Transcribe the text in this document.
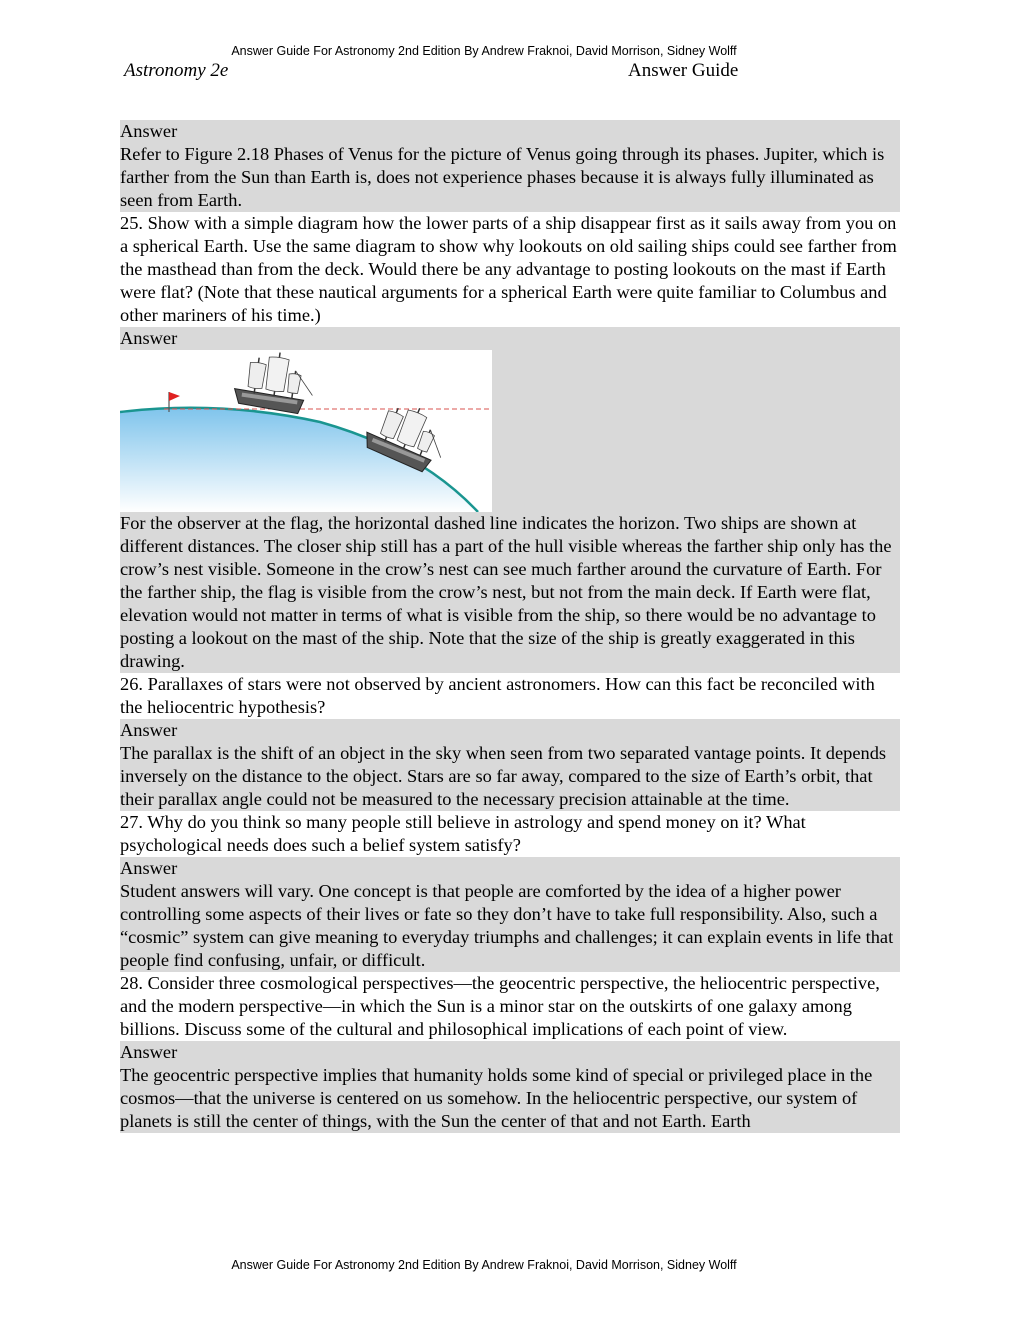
Answer Guide For Astronomy 2nd Edition By Andrew Fraknoi, David Morrison, Sidney Wolff
Astronomy 2e	Answer Guide
Answer
Refer to Figure 2.18 Phases of Venus for the picture of Venus going through its phases. Jupiter, which is farther from the Sun than Earth is, does not experience phases because it is always fully illuminated as seen from Earth.
25. Show with a simple diagram how the lower parts of a ship disappear first as it sails away from you on a spherical Earth. Use the same diagram to show why lookouts on old sailing ships could see farther from the masthead than from the deck. Would there be any advantage to posting lookouts on the mast if Earth were flat? (Note that these nautical arguments for a spherical Earth were quite familiar to Columbus and other mariners of his time.)
Answer
For the observer at the flag, the horizontal dashed line indicates the horizon. Two ships are shown at different distances. The closer ship still has a part of the hull visible whereas the farther ship only has the crow’s nest visible. Someone in the crow’s nest can see much farther around the curvature of Earth. For the farther ship, the flag is visible from the crow’s nest, but not from the main deck. If Earth were flat, elevation would not matter in terms of what is visible from the ship, so there would be no advantage to posting a lookout on the mast of the ship. Note that the size of the ship is greatly exaggerated in this drawing.
26. Parallaxes of stars were not observed by ancient astronomers. How can this fact be reconciled with the heliocentric hypothesis?
Answer
The parallax is the shift of an object in the sky when seen from two separated vantage points. It depends inversely on the distance to the object. Stars are so far away, compared to the size of Earth’s orbit, that their parallax angle could not be measured to the necessary precision attainable at the time.
27. Why do you think so many people still believe in astrology and spend money on it? What psychological needs does such a belief system satisfy?
Answer
Student answers will vary. One concept is that people are comforted by the idea of a higher power controlling some aspects of their lives or fate so they don’t have to take full responsibility. Also, such a “cosmic” system can give meaning to everyday triumphs and challenges; it can explain events in life that people find confusing, unfair, or difficult.
28. Consider three cosmological perspectives—the geocentric perspective, the heliocentric perspective, and the modern perspective—in which the Sun is a minor star on the outskirts of one galaxy among billions. Discuss some of the cultural and philosophical implications of each point of view.
Answer
The geocentric perspective implies that humanity holds some kind of special or privileged place in the cosmos—that the universe is centered on us somehow. In the heliocentric perspective, our system of planets is still the center of things, with the Sun the center of that and not Earth. Earth
Answer Guide For Astronomy 2nd Edition By Andrew Fraknoi, David Morrison, Sidney Wolff
